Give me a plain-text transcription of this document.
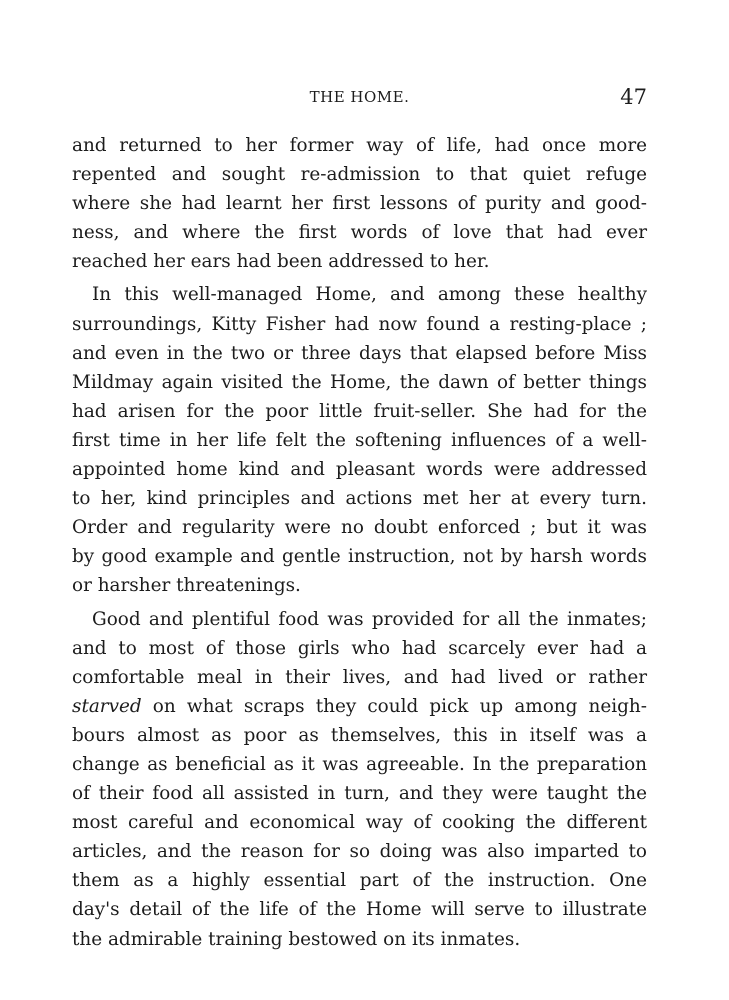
THE HOME.	47
and returned to her former way of life, had once more
repented and sought re-admission to that quiet refuge
where she had learnt her first lessons of purity and good-
ness, and where the first words of love that had ever
reached her ears had been addressed to her.
In this well-managed Home, and among these healthy
surroundings, Kitty Fisher had now found a resting-place ;
and even in the two or three days that elapsed before Miss
Mildmay again visited the Home, the dawn of better things
had arisen for the poor little fruit-seller. She had for the
first time in her life felt the softening influences of a well-
appointed home kind and pleasant words were addressed
to her, kind principles and actions met her at every turn.
Order and regularity were no doubt enforced ; but it was
by good example and gentle instruction, not by harsh words
or harsher threatenings.
Good and plentiful food was provided for all the inmates;
and to most of those girls who had scarcely ever had a
comfortable meal in their lives, and had lived or rather
starved on what scraps they could pick up among neigh-
bours almost as poor as themselves, this in itself was a
change as beneficial as it was agreeable. In the preparation
of their food all assisted in turn, and they were taught the
most careful and economical way of cooking the different
articles, and the reason for so doing was also imparted to
them as a highly essential part of the instruction. One
day's detail of the life of the Home will serve to illustrate
the admirable training bestowed on its inmates.
